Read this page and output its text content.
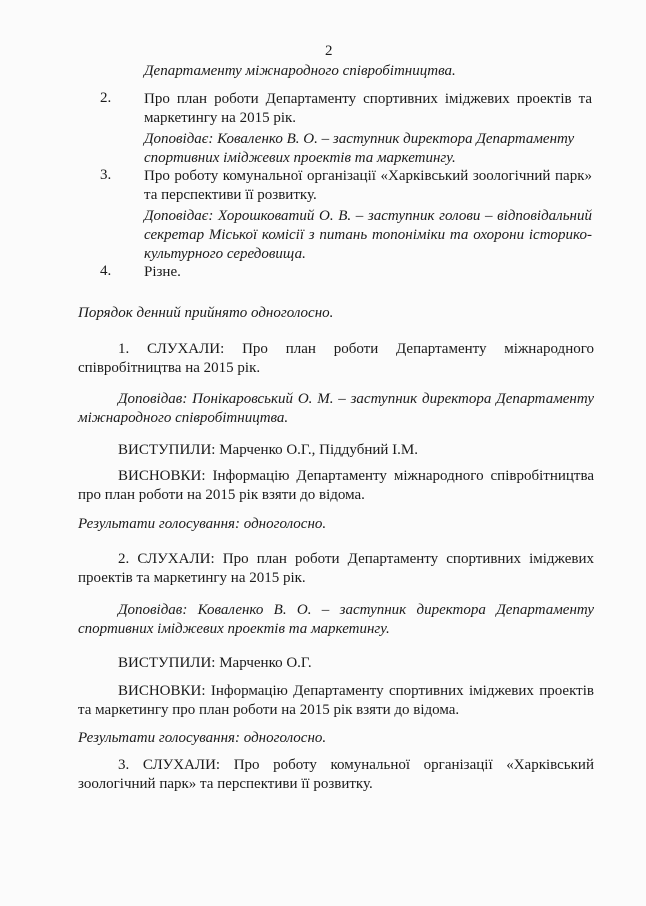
2
Департаменту міжнародного співробітництва.
2. Про план роботи Департаменту спортивних іміджевих проектів та
маркетингу на 2015 рік.
Доповідає: Коваленко В. О. – заступник директора Департаменту
спортивних іміджевих проектів та маркетингу.
3. Про роботу комунальної організації «Харківський зоологічний парк»
та перспективи її розвитку.
Доповідає: Хорошковатий О. В. – заступник голови – відповідальний
секретар Міської комісії з питань топоніміки та охорони історико-
культурного середовища.
4. Різне.
Порядок денний прийнято одноголосно.
1. СЛУХАЛИ: Про план роботи Департаменту міжнародного
співробітництва на 2015 рік.
Доповідав: Понікаровський О. М. – заступник директора Департаменту
міжнародного співробітництва.
ВИСТУПИЛИ: Марченко О.Г., Піддубний І.М.
ВИСНОВКИ: Інформацію Департаменту міжнародного співробітництва
про план роботи на 2015 рік взяти до відома.
Результати голосування: одноголосно.
2. СЛУХАЛИ: Про план роботи Департаменту спортивних іміджевих
проектів та маркетингу на 2015 рік.
Доповідав: Коваленко В. О. – заступник директора Департаменту
спортивних іміджевих проектів та маркетингу.
ВИСТУПИЛИ: Марченко О.Г.
ВИСНОВКИ: Інформацію Департаменту спортивних іміджевих проектів
та маркетингу про план роботи на 2015 рік взяти до відома.
Результати голосування: одноголосно.
3. СЛУХАЛИ: Про роботу комунальної організації «Харківський
зоологічний парк» та перспективи її розвитку.
